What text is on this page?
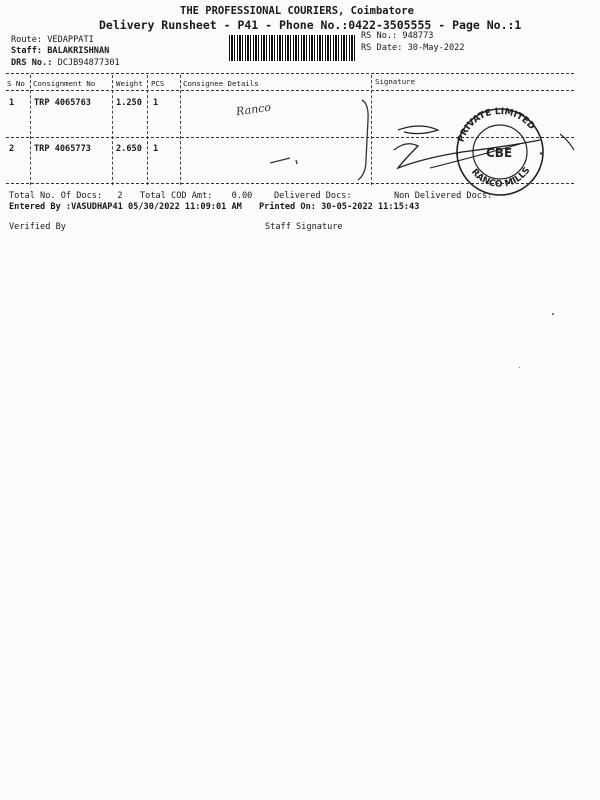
THE PROFESSIONAL COURIERS, Coimbatore
Delivery Runsheet - P41 - Phone No.:0422-3505555 - Page No.:1
Route: VEDAPPATI
Staff: BALAKRISHNAN
DRS No.: DCJB94877301
RS No.: 948773
RS Date: 30-May-2022
S No Consignment No	Weight PCS	Consignee Details	Signature
1 TRP 4065763	1.250 1	Ranco
2 TRP 4065773	2.650 1
PRIVATE LIMITED
RANCO MILLS
CBE
★	★
Total No. Of Docs: 2 Total COD Amt: 0.00	Delivered Docs:	Non Delivered Docs:
Entered By :VASUDHAP41 05/30/2022 11:09:01 AM Printed On: 30-05-2022 11:15:43
Verified By	Staff Signature
